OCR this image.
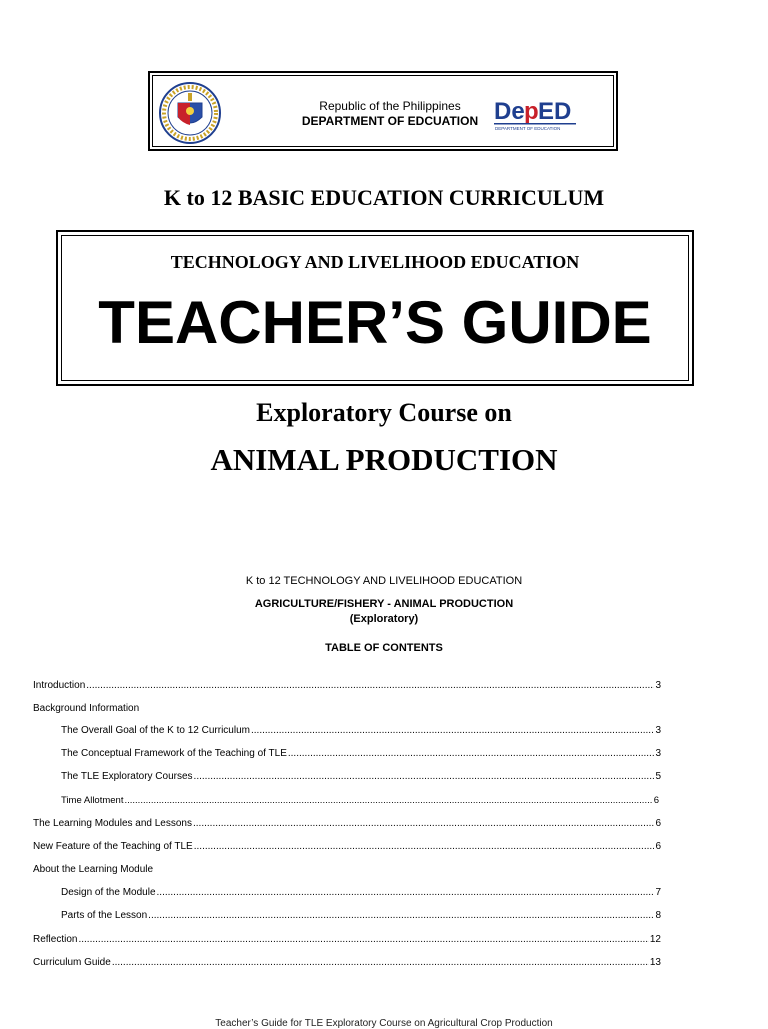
Republic of the Philippines
DEPARTMENT OF EDCUATION De p ED
DEPARTMENT OF EDUCATION
K to 12 BASIC EDUCATION CURRICULUM
TECHNOLOGY AND LIVELIHOOD EDUCATION
TEACHER’S GUIDE
Exploratory Course on
ANIMAL PRODUCTION
K to 12 TECHNOLOGY AND LIVELIHOOD EDUCATION
AGRICULTURE/FISHERY - ANIMAL PRODUCTION
(Exploratory)
TABLE OF CONTENTS
Introduction .....	3
Background Information
The Overall Goal of the K to 12 Curriculum .....	3
The Conceptual Framework of the Teaching of TLE .....	3
The TLE Exploratory Courses .....	5
Time Allotment .....	6
The Learning Modules and Lessons .....	6
New Feature of the Teaching of TLE .....	6
About the Learning Module
Design of the Module .....	7
Parts of the Lesson .....	8
Reflection .....	12
Curriculum Guide .....	13
Teacher’s Guide for TLE Exploratory Course on Agricultural Crop Production
